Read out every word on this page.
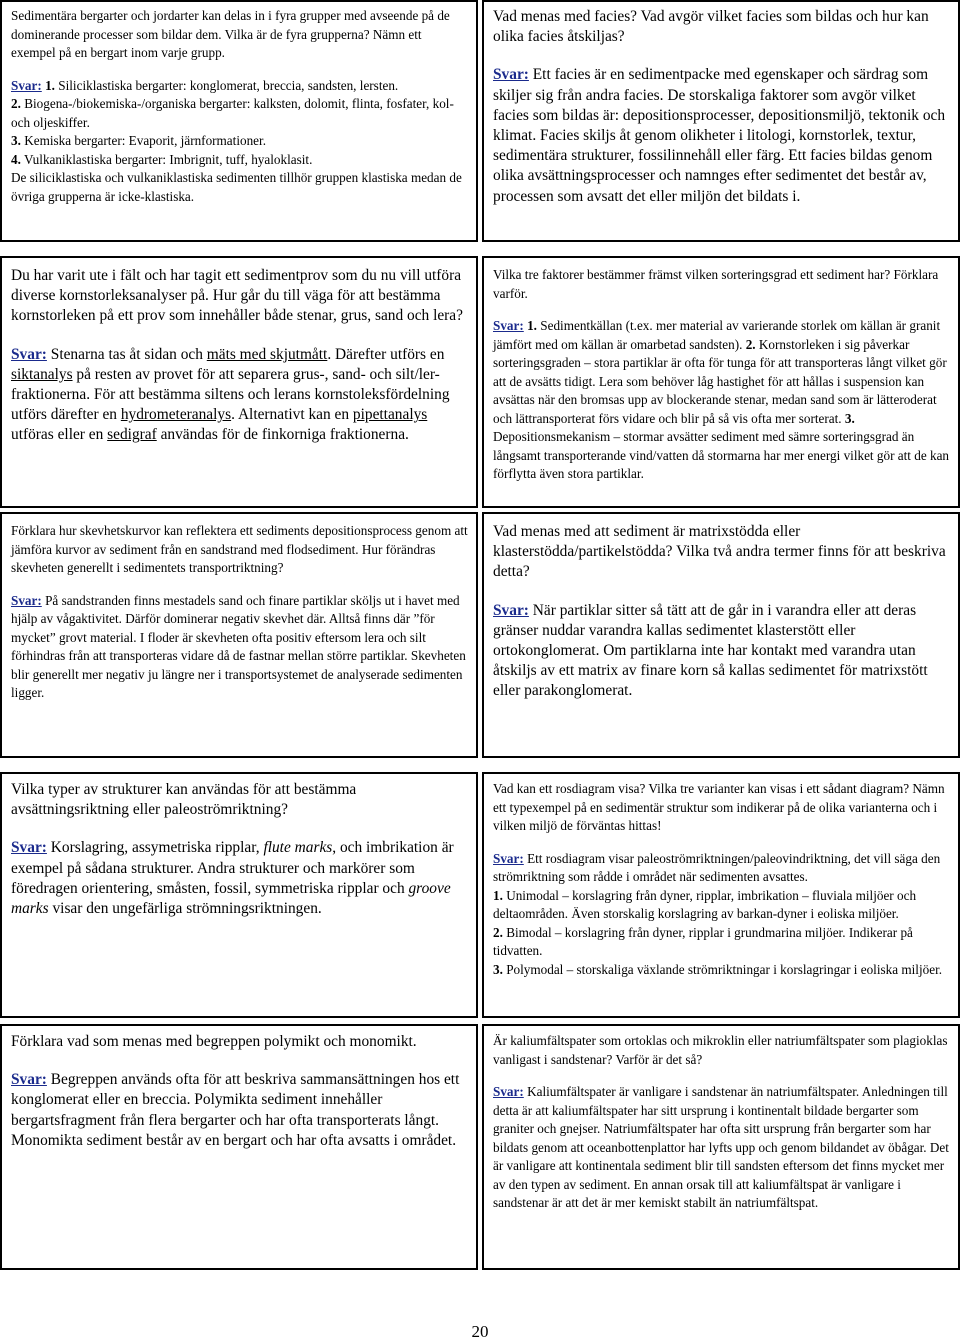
Sedimentära bergarter och jordarter kan delas in i fyra grupper med avseende på de dominerande processer som bildar dem. Vilka är de fyra grupperna? Nämn ett exempel på en bergart inom varje grupp.

Svar: 1. Siliciklastiska bergarter: konglomerat, breccia, sandsten, lersten.

2. Biogena-/biokemiska-/organiska bergarter: kalksten, dolomit, flinta, fosfater, kol- och oljeskiffer.

3. Kemiska bergarter: Evaporit, järnformationer.

4. Vulkaniklastiska bergarter: Imbrignit, tuff, hyaloklasit.

De siliciklastiska och vulkaniklastiska sedimenten tillhör gruppen klastiska medan de övriga grupperna är icke-klastiska.

Vad menas med facies? Vad avgör vilket facies som bildas och hur kan olika facies åtskiljas?

Svar: Ett facies är en sedimentpacke med egenskaper och särdrag som skiljer sig från andra facies. De storskaliga faktorer som avgör vilket facies som bildas är: depositionsprocesser, depositionsmiljö, tektonik och klimat. Facies skiljs åt genom olikheter i litologi, kornstorlek, textur, sedimentära strukturer, fossilinnehåll eller färg. Ett facies bildas genom olika avsättningsprocesser och namnges efter sedimentet det består av, processen som avsatt det eller miljön det bildats i.

Du har varit ute i fält och har tagit ett sedimentprov som du nu vill utföra diverse kornstorleksanalyser på. Hur går du till väga för att bestämma kornstorleken på ett prov som innehåller både stenar, grus, sand och lera?

Svar: Stenarna tas åt sidan och mäts med skjutmått. Därefter utförs en siktanalys på resten av provet för att separera grus-, sand- och silt/ler-fraktionerna. För att bestämma siltens och lerans kornstoleksfördelning utförs därefter en hydrometeranalys. Alternativt kan en pipettanalys utföras eller en sedigraf användas för de finkorniga fraktionerna.

Vilka tre faktorer bestämmer främst vilken sorteringsgrad ett sediment har? Förklara varför.

Svar: 1. Sedimentkällan (t.ex. mer material av varierande storlek om källan är granit jämfört med om källan är omarbetad sandsten). 2. Kornstorleken i sig påverkar sorteringsgraden – stora partiklar är ofta för tunga för att transporteras långt vilket gör att de avsätts tidigt. Lera som behöver låg hastighet för att hållas i suspension kan avsättas när den bromsas upp av blockerande stenar, medan sand som är lätteroderat och lättransporterat förs vidare och blir på så vis ofta mer sorterat. 3. Depositionsmekanism – stormar avsätter sediment med sämre sorteringsgrad än långsamt transporterande vind/vatten då stormarna har mer energi vilket gör att de kan förflytta även stora partiklar.

Förklara hur skevhetskurvor kan reflektera ett sediments depositionsprocess genom att jämföra kurvor av sediment från en sandstrand med flodsediment. Hur förändras skevheten generellt i sedimentets transportriktning?

Svar: På sandstranden finns mestadels sand och finare partiklar sköljs ut i havet med hjälp av vågaktivitet. Därför dominerar negativ skevhet där. Alltså finns där ”för mycket” grovt material. I floder är skevheten ofta positiv eftersom lera och silt förhindras från att transporteras vidare då de fastnar mellan större partiklar. Skevheten blir generellt mer negativ ju längre ner i transportsystemet de analyserade sedimenten ligger.

Vad menas med att sediment är matrixstödda eller klasterstödda/partikelstödda? Vilka två andra termer finns för att beskriva detta?

Svar: När partiklar sitter så tätt att de går in i varandra eller att deras gränser nuddar varandra kallas sedimentet klasterstött eller ortokonglomerat. Om partiklarna inte har kontakt med varandra utan åtskiljs av ett matrix av finare korn så kallas sedimentet för matrixstött eller parakonglomerat.

Vilka typer av strukturer kan användas för att bestämma avsättningsriktning eller paleoströmriktning?

Svar: Korslagring, assymetriska ripplar, flute marks, och imbrikation är exempel på sådana strukturer. Andra strukturer och markörer som föredragen orientering, småsten, fossil, symmetriska ripplar och groove marks visar den ungefärliga strömningsriktningen.

Vad kan ett rosdiagram visa? Vilka tre varianter kan visas i ett sådant diagram? Nämn ett typexempel på en sedimentär struktur som indikerar på de olika varianterna och i vilken miljö de förväntas hittas!

Svar: Ett rosdiagram visar paleoströmriktningen/paleovindriktning, det vill säga den strömriktning som rådde i området när sedimenten avsattes.

1. Unimodal – korslagring från dyner, ripplar, imbrikation – fluviala miljöer och deltaområden. Även storskalig korslagring av barkan-dyner i eoliska miljöer.

2. Bimodal – korslagring från dyner, ripplar i grundmarina miljöer. Indikerar på tidvatten.

3. Polymodal – storskaliga växlande strömriktningar i korslagringar i eoliska miljöer.

Förklara vad som menas med begreppen polymikt och monomikt.

Svar: Begreppen används ofta för att beskriva sammansättningen hos ett konglomerat eller en breccia. Polymikta sediment innehåller bergartsfragment från flera bergarter och har ofta transporterats långt. Monomikta sediment består av en bergart och har ofta avsatts i området.

Är kaliumfältspater som ortoklas och mikroklin eller natriumfältspater som plagioklas vanligast i sandstenar? Varför är det så?

Svar: Kaliumfältspater är vanligare i sandstenar än natriumfältspater. Anledningen till detta är att kaliumfältspater har sitt ursprung i kontinentalt bildade bergarter som graniter och gnejser. Natriumfältspater har ofta sitt ursprung från bergarter som har bildats genom att oceanbottenplattor har lyfts upp och genom bildandet av öbågar. Det är vanligare att kontinentala sediment blir till sandsten eftersom det finns mycket mer av den typen av sediment. En annan orsak till att kaliumfältspat är vanligare i sandstenar är att det är mer kemiskt stabilt än natriumfältspat.

20
